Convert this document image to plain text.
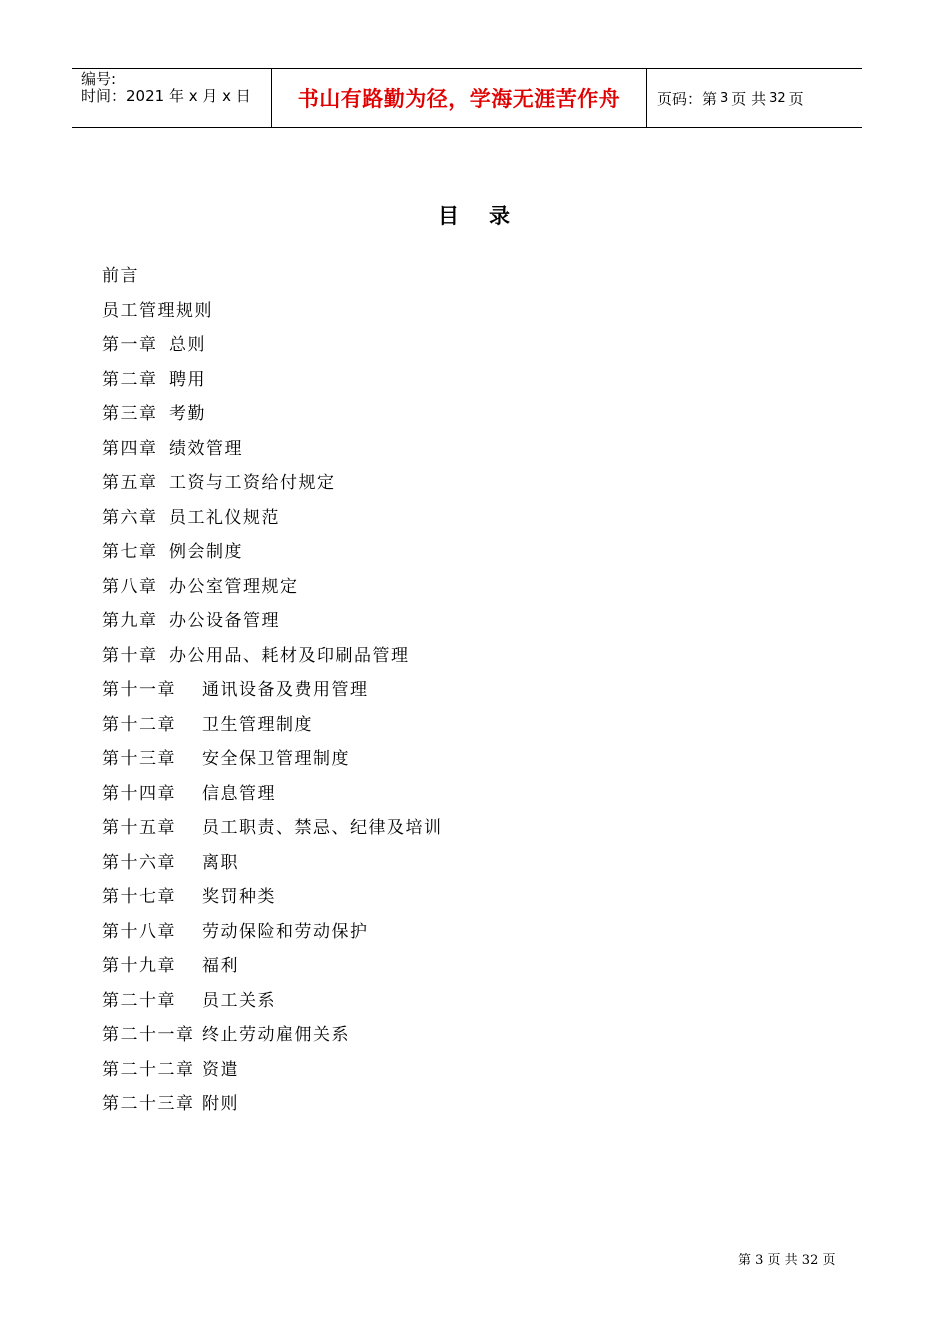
编号:
时间：2021 年 x 月 x 日	书山有路勤为径，学海无涯苦作舟 页码：第 3 页 共 32 页
目 录
前言
员工管理规则
第一章 总则
第二章 聘用
第三章 考勤
第四章 绩效管理
第五章 工资与工资给付规定
第六章 员工礼仪规范
第七章 例会制度
第八章 办公室管理规定
第九章 办公设备管理
第十章 办公用品、耗材及印刷品管理
第十一章	通讯设备及费用管理
第十二章	卫生管理制度
第十三章	安全保卫管理制度
第十四章	信息管理
第十五章	员工职责、禁忌、纪律及培训
第十六章	离职
第十七章	奖罚种类
第十八章	劳动保险和劳动保护
第十九章	福利
第二十章	员工关系
第二十一章 终止劳动雇佣关系
第二十二章 资遣
第二十三章 附则
第 3 页 共 32 页
